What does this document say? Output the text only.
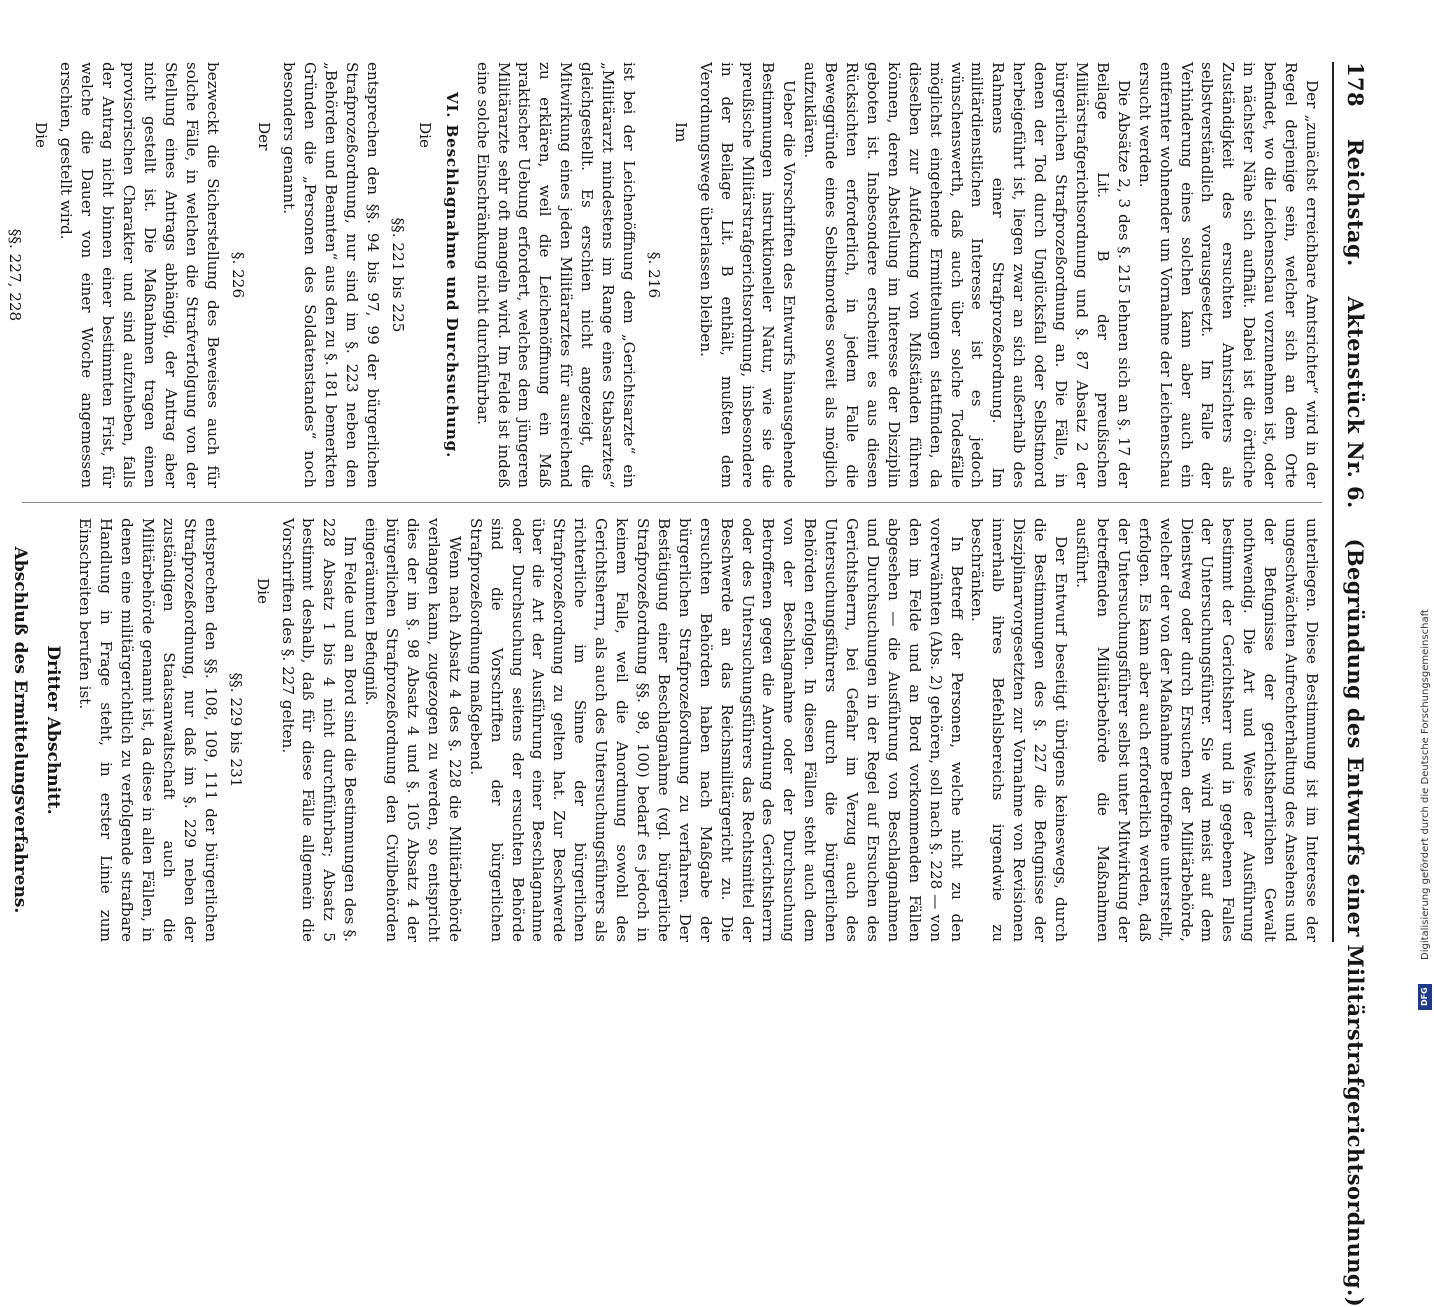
178 Reichstag. Aktenstück Nr. 6. (Begründung des Entwurfs einer Militärstrafgerichtsordnung.)

Der „zunächst erreichbare Amtsrichter“ wird in der Regel derjenige sein, welcher sich an dem Orte befindet, wo die Leichenschau vorzunehmen ist, oder in nächster Nähe sich aufhält. Dabei ist die örtliche Zuständigkeit des ersuchten Amtsrichters als selbstverständlich vorausgesetzt. Im Falle der Verhinderung eines solchen kann aber auch ein entfernter wohnender um Vornahme der Leichenschau ersucht werden.

Die Absätze 2, 3 des §. 215 lehnen sich an §. 17 der Beilage Lit. B der preußischen Militärstrafgerichtsordnung und §. 87 Absatz 2 der bürgerlichen Strafprozeßordnung an. Die Fälle, in denen der Tod durch Unglücksfall oder Selbstmord herbeigeführt ist, liegen zwar an sich außerhalb des Rahmens einer Strafprozeßordnung. Im militärdienstlichen Interesse ist es jedoch wünschenswerth, daß auch über solche Todesfälle möglichst eingehende Ermittelungen stattfinden, da dieselben zur Aufdeckung von Mißständen führen können, deren Abstellung im Interesse der Disziplin geboten ist. Insbesondere erscheint es aus diesen Rücksichten erforderlich, in jedem Falle die Beweggründe eines Selbstmordes soweit als möglich aufzuklären.

Ueber die Vorschriften des Entwurfs hinausgehende Bestimmungen instruktioneller Natur, wie sie die preußische Militärstrafgerichtsordnung, insbesondere in der Beilage Lit. B enthält, mußten dem Verordnungswege überlassen bleiben.

Im

§. 216

ist bei der Leichenöffnung dem „Gerichtsarzte“ ein „Militärarzt mindestens im Range eines Stabsarztes“ gleichgestellt. Es erschien nicht angezeigt, die Mitwirkung eines jeden Militärarztes für ausreichend zu erklären, weil die Leichenöffnung ein Maß praktischer Uebung erfordert, welches dem jüngeren Militärarzte sehr oft mangeln wird. Im Felde ist indeß eine solche Einschränkung nicht durchführbar.

VI. Beschlagnahme und Durchsuchung.

Die

§§. 221 bis 225

entsprechen den §§. 94 bis 97, 99 der bürgerlichen Strafprozeßordnung, nur sind im §. 223 neben den „Behörden und Beamten“ aus den zu §. 181 bemerkten Gründen die „Personen des Soldatenstandes“ noch besonders genannt.

Der

§. 226

bezweckt die Sicherstellung des Beweises auch für solche Fälle, in welchen die Strafverfolgung von der Stellung eines Antrags abhängig, der Antrag aber nicht gestellt ist. Die Maßnahmen tragen einen provisorischen Charakter und sind aufzuheben, falls der Antrag nicht binnen einer bestimmten Frist, für welche die Dauer von einer Woche angemessen erschien, gestellt wird.

Die

§§. 227, 228

unterliegen. Diese Bestimmung ist im Interesse der ungeschwächten Aufrechterhaltung des Ansehens und der Befugnisse der gerichtsherrlichen Gewalt nothwendig. Die Art und Weise der Ausführung bestimmt der Gerichtsherr und in gegebenen Falles der Untersuchungsführer. Sie wird meist auf dem Dienstweg oder durch Ersuchen der Militärbehörde, welcher der von der Maßnahme Betroffene unterstellt, erfolgen. Es kann aber auch erforderlich werden, daß der Untersuchungsführer selbst unter Mitwirkung der betreffenden Militärbehörde die Maßnahmen ausführt.

Der Entwurf beseitigt übrigens keineswegs, durch die Bestimmungen des §. 227 die Befugnisse der Disziplinarvorgesetzten zur Vornahme von Revisionen innerhalb ihres Befehlsbereichs irgendwie zu beschränken.

In Betreff der Personen, welche nicht zu den vorerwähnten (Abs. 2) gehören, soll nach §. 228 — von den im Felde und an Bord vorkommenden Fällen abgesehen — die Ausführung von Beschlagnahmen und Durchsuchungen in der Regel auf Ersuchen des Gerichtsherrn, bei Gefahr im Verzug auch des Untersuchungsführers durch die bürgerlichen Behörden erfolgen. In diesen Fällen steht auch dem von der Beschlagnahme oder der Durchsuchung Betroffenen gegen die Anordnung des Gerichtsherrn oder des Untersuchungsführers das Rechtsmittel der Beschwerde an das Reichsmilitärgericht zu. Die ersuchten Behörden haben nach Maßgabe der bürgerlichen Strafprozeßordnung zu verfahren. Der Bestätigung einer Beschlagnahme (vgl. bürgerliche Strafprozeßordnung §§. 98, 100) bedarf es jedoch in keinem Falle, weil die Anordnung sowohl des Gerichtsherrn, als auch des Untersuchungsführers als richterliche im Sinne der bürgerlichen Strafprozeßordnung zu gelten hat. Zur Beschwerde über die Art der Ausführung einer Beschlagnahme oder Durchsuchung seitens der ersuchten Behörde sind die Vorschriften der bürgerlichen Strafprozeßordnung maßgebend.

Wenn nach Absatz 4 des §. 228 die Militärbehörde verlangen kann, zugezogen zu werden, so entspricht dies der im §. 98 Absatz 4 und §. 105 Absatz 4 der bürgerlichen Strafprozeßordnung den Civilbehörden eingeräumten Befugniß.

Im Felde und an Bord sind die Bestimmungen des §. 228 Absatz 1 bis 4 nicht durchführbar; Absatz 5 bestimmt deshalb, daß für diese Fälle allgemein die Vorschriften des §. 227 gelten.

Die

§§. 229 bis 231

entsprechen den §§. 108, 109, 111 der bürgerlichen Strafprozeßordnung, nur daß im §. 229 neben der zuständigen Staatsanwaltschaft auch die Militärbehörde genannt ist, da diese in allen Fällen, in denen eine militärgerichtlich zu verfolgende strafbare Handlung in Frage steht, in erster Linie zum Einschreiten berufen ist.

Dritter Abschnitt.

Abschluß des Ermittelungsverfahrens.	Digitalisierung gefördert durch die Deutsche Forschungsgemeinschaft
DFG
